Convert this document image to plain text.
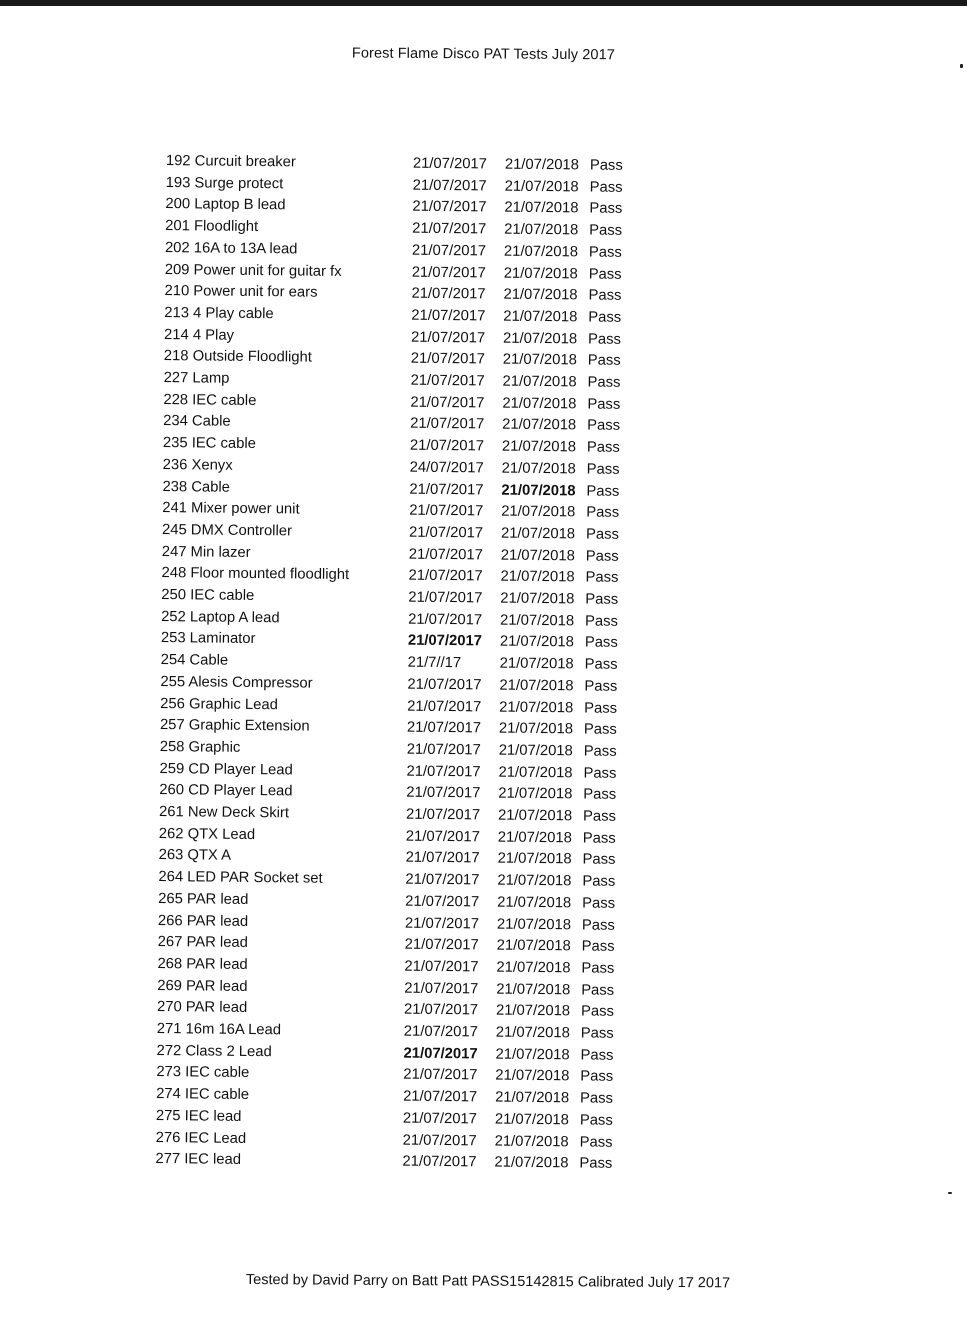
Forest Flame Disco PAT Tests July 2017
192 Curcuit breaker	21/07/2017 21/07/2018 Pass
193 Surge protect	21/07/2017 21/07/2018 Pass
200 Laptop B lead	21/07/2017 21/07/2018 Pass
201 Floodlight	21/07/2017 21/07/2018 Pass
202 16A to 13A lead	21/07/2017 21/07/2018 Pass
209 Power unit for guitar fx	21/07/2017 21/07/2018 Pass
210 Power unit for ears	21/07/2017 21/07/2018 Pass
213 4 Play cable	21/07/2017 21/07/2018 Pass
214 4 Play	21/07/2017 21/07/2018 Pass
218 Outside Floodlight	21/07/2017 21/07/2018 Pass
227 Lamp	21/07/2017 21/07/2018 Pass
228 IEC cable	21/07/2017 21/07/2018 Pass
234 Cable	21/07/2017 21/07/2018 Pass
235 IEC cable	21/07/2017 21/07/2018 Pass
236 Xenyx	24/07/2017 21/07/2018 Pass
238 Cable	21/07/2017 21/07/2018 Pass
241 Mixer power unit	21/07/2017 21/07/2018 Pass
245 DMX Controller	21/07/2017 21/07/2018 Pass
247 Min lazer	21/07/2017 21/07/2018 Pass
248 Floor mounted floodlight	21/07/2017 21/07/2018 Pass
250 IEC cable	21/07/2017 21/07/2018 Pass
252 Laptop A lead	21/07/2017 21/07/2018 Pass
253 Laminator	21/07/2017 21/07/2018 Pass
254 Cable	21/7//17	21/07/2018 Pass
255 Alesis Compressor	21/07/2017 21/07/2018 Pass
256 Graphic Lead	21/07/2017 21/07/2018 Pass
257 Graphic Extension	21/07/2017 21/07/2018 Pass
258 Graphic	21/07/2017 21/07/2018 Pass
259 CD Player Lead	21/07/2017 21/07/2018 Pass
260 CD Player Lead	21/07/2017 21/07/2018 Pass
261 New Deck Skirt	21/07/2017 21/07/2018 Pass
262 QTX Lead	21/07/2017 21/07/2018 Pass
263 QTX A	21/07/2017 21/07/2018 Pass
264 LED PAR Socket set	21/07/2017 21/07/2018 Pass
265 PAR lead	21/07/2017 21/07/2018 Pass
266 PAR lead	21/07/2017 21/07/2018 Pass
267 PAR lead	21/07/2017 21/07/2018 Pass
268 PAR lead	21/07/2017 21/07/2018 Pass
269 PAR lead	21/07/2017 21/07/2018 Pass
270 PAR lead	21/07/2017 21/07/2018 Pass
271 16m 16A Lead	21/07/2017 21/07/2018 Pass
272 Class 2 Lead	21/07/2017 21/07/2018 Pass
273 IEC cable	21/07/2017 21/07/2018 Pass
274 IEC cable	21/07/2017 21/07/2018 Pass
275 IEC lead	21/07/2017 21/07/2018 Pass
276 IEC Lead	21/07/2017 21/07/2018 Pass
277 IEC lead	21/07/2017 21/07/2018 Pass
Tested by David Parry on Batt Patt PASS15142815 Calibrated July 17 2017
